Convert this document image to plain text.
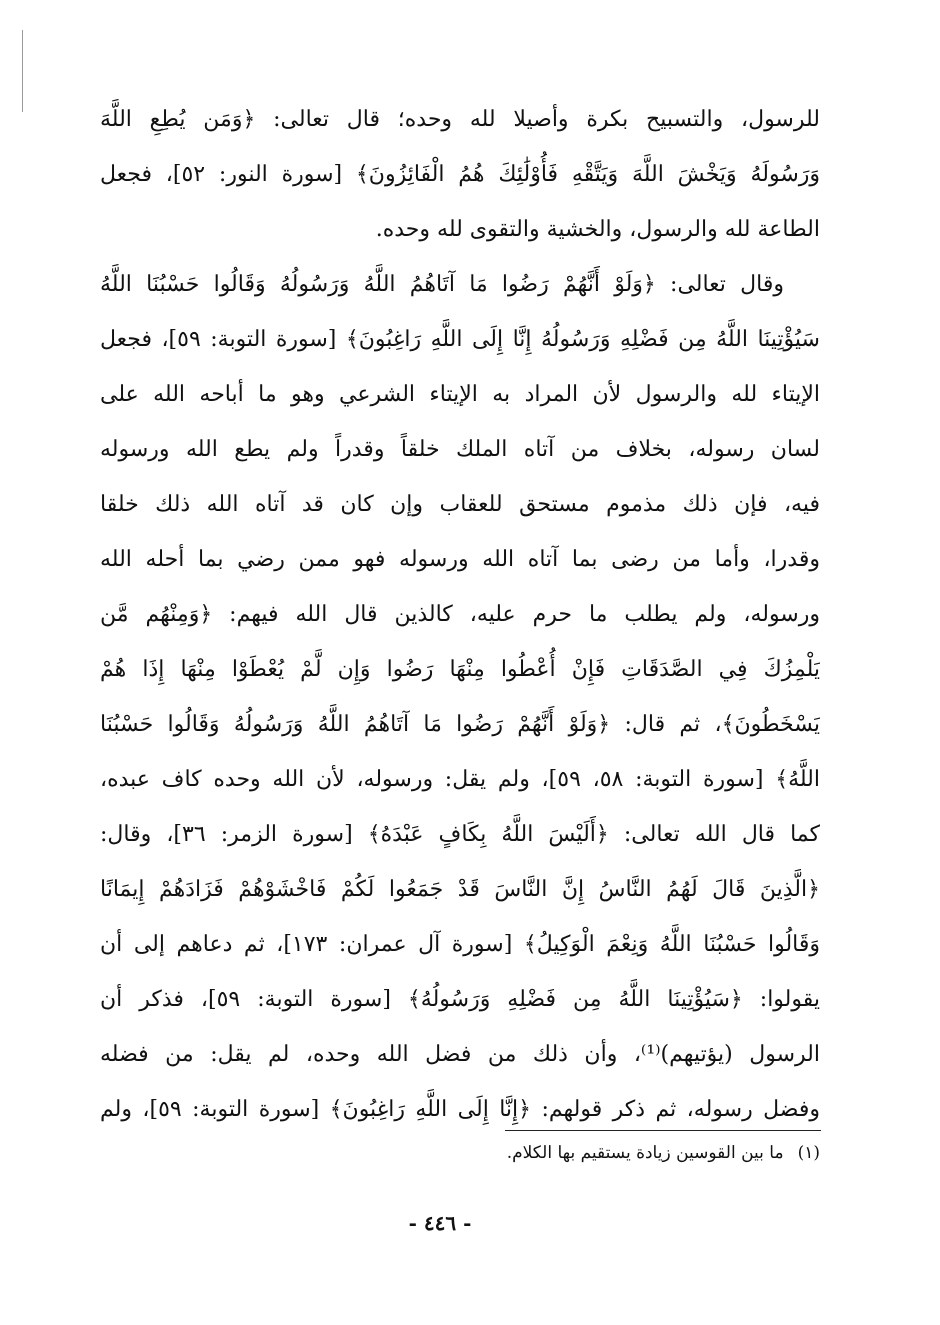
للرسول، والتسبيح بكرة وأصيلا لله وحده؛ قال تعالى: ﴿وَمَن يُطِعِ اللَّهَ
وَرَسُولَهُ وَيَخْشَ اللَّهَ وَيَتَّقْهِ فَأُوْلَٰئِكَ هُمُ الْفَائِزُونَ﴾ [سورة النور: ٥٢]، فجعل
الطاعة لله والرسول، والخشية والتقوى لله وحده.
وقال تعالى: ﴿وَلَوْ أَنَّهُمْ رَضُوا مَا آتَاهُمُ اللَّهُ وَرَسُولُهُ وَقَالُوا حَسْبُنَا اللَّهُ
سَيُؤْتِينَا اللَّهُ مِن فَضْلِهِ وَرَسُولُهُ إِنَّا إِلَى اللَّهِ رَاغِبُونَ﴾ [سورة التوبة: ٥٩]، فجعل
الإيتاء لله والرسول لأن المراد به الإيتاء الشرعي وهو ما أباحه الله على
لسان رسوله، بخلاف من آتاه الملك خلقاً وقدراً ولم يطع الله ورسوله
فيه، فإن ذلك مذموم مستحق للعقاب وإن كان قد آتاه الله ذلك خلقا
وقدرا، وأما من رضى بما آتاه الله ورسوله فهو ممن رضي بما أحله الله
ورسوله، ولم يطلب ما حرم عليه، كالذين قال الله فيهم: ﴿وَمِنْهُم مَّن
يَلْمِزُكَ فِي الصَّدَقَاتِ فَإِنْ أُعْطُوا مِنْهَا رَضُوا وَإِن لَّمْ يُعْطَوْا مِنْهَا إِذَا هُمْ
يَسْخَطُونَ﴾، ثم قال: ﴿وَلَوْ أَنَّهُمْ رَضُوا مَا آتَاهُمُ اللَّهُ وَرَسُولُهُ وَقَالُوا حَسْبُنَا
اللَّهُ﴾ [سورة التوبة: ٥٨، ٥٩]، ولم يقل: ورسوله، لأن الله وحده كاف عبده،
كما قال الله تعالى: ﴿أَلَيْسَ اللَّهُ بِكَافٍ عَبْدَهُ﴾ [سورة الزمر: ٣٦]، وقال:
﴿الَّذِينَ قَالَ لَهُمُ النَّاسُ إِنَّ النَّاسَ قَدْ جَمَعُوا لَكُمْ فَاخْشَوْهُمْ فَزَادَهُمْ إِيمَانًا
وَقَالُوا حَسْبُنَا اللَّهُ وَنِعْمَ الْوَكِيلُ﴾ [سورة آل عمران: ١٧٣]، ثم دعاهم إلى أن
يقولوا: ﴿سَيُؤْتِينَا اللَّهُ مِن فَضْلِهِ وَرَسُولُهُ﴾ [سورة التوبة: ٥٩]، فذكر أن
الرسول (يؤتيهم)⁽¹⁾، وأن ذلك من فضل الله وحده، لم يقل: من فضله
وفضل رسوله، ثم ذكر قولهم: ﴿إِنَّا إِلَى اللَّهِ رَاغِبُونَ﴾ [سورة التوبة: ٥٩]، ولم
(١)ما بين القوسين زيادة يستقيم بها الكلام.
- ٤٤٦ -
